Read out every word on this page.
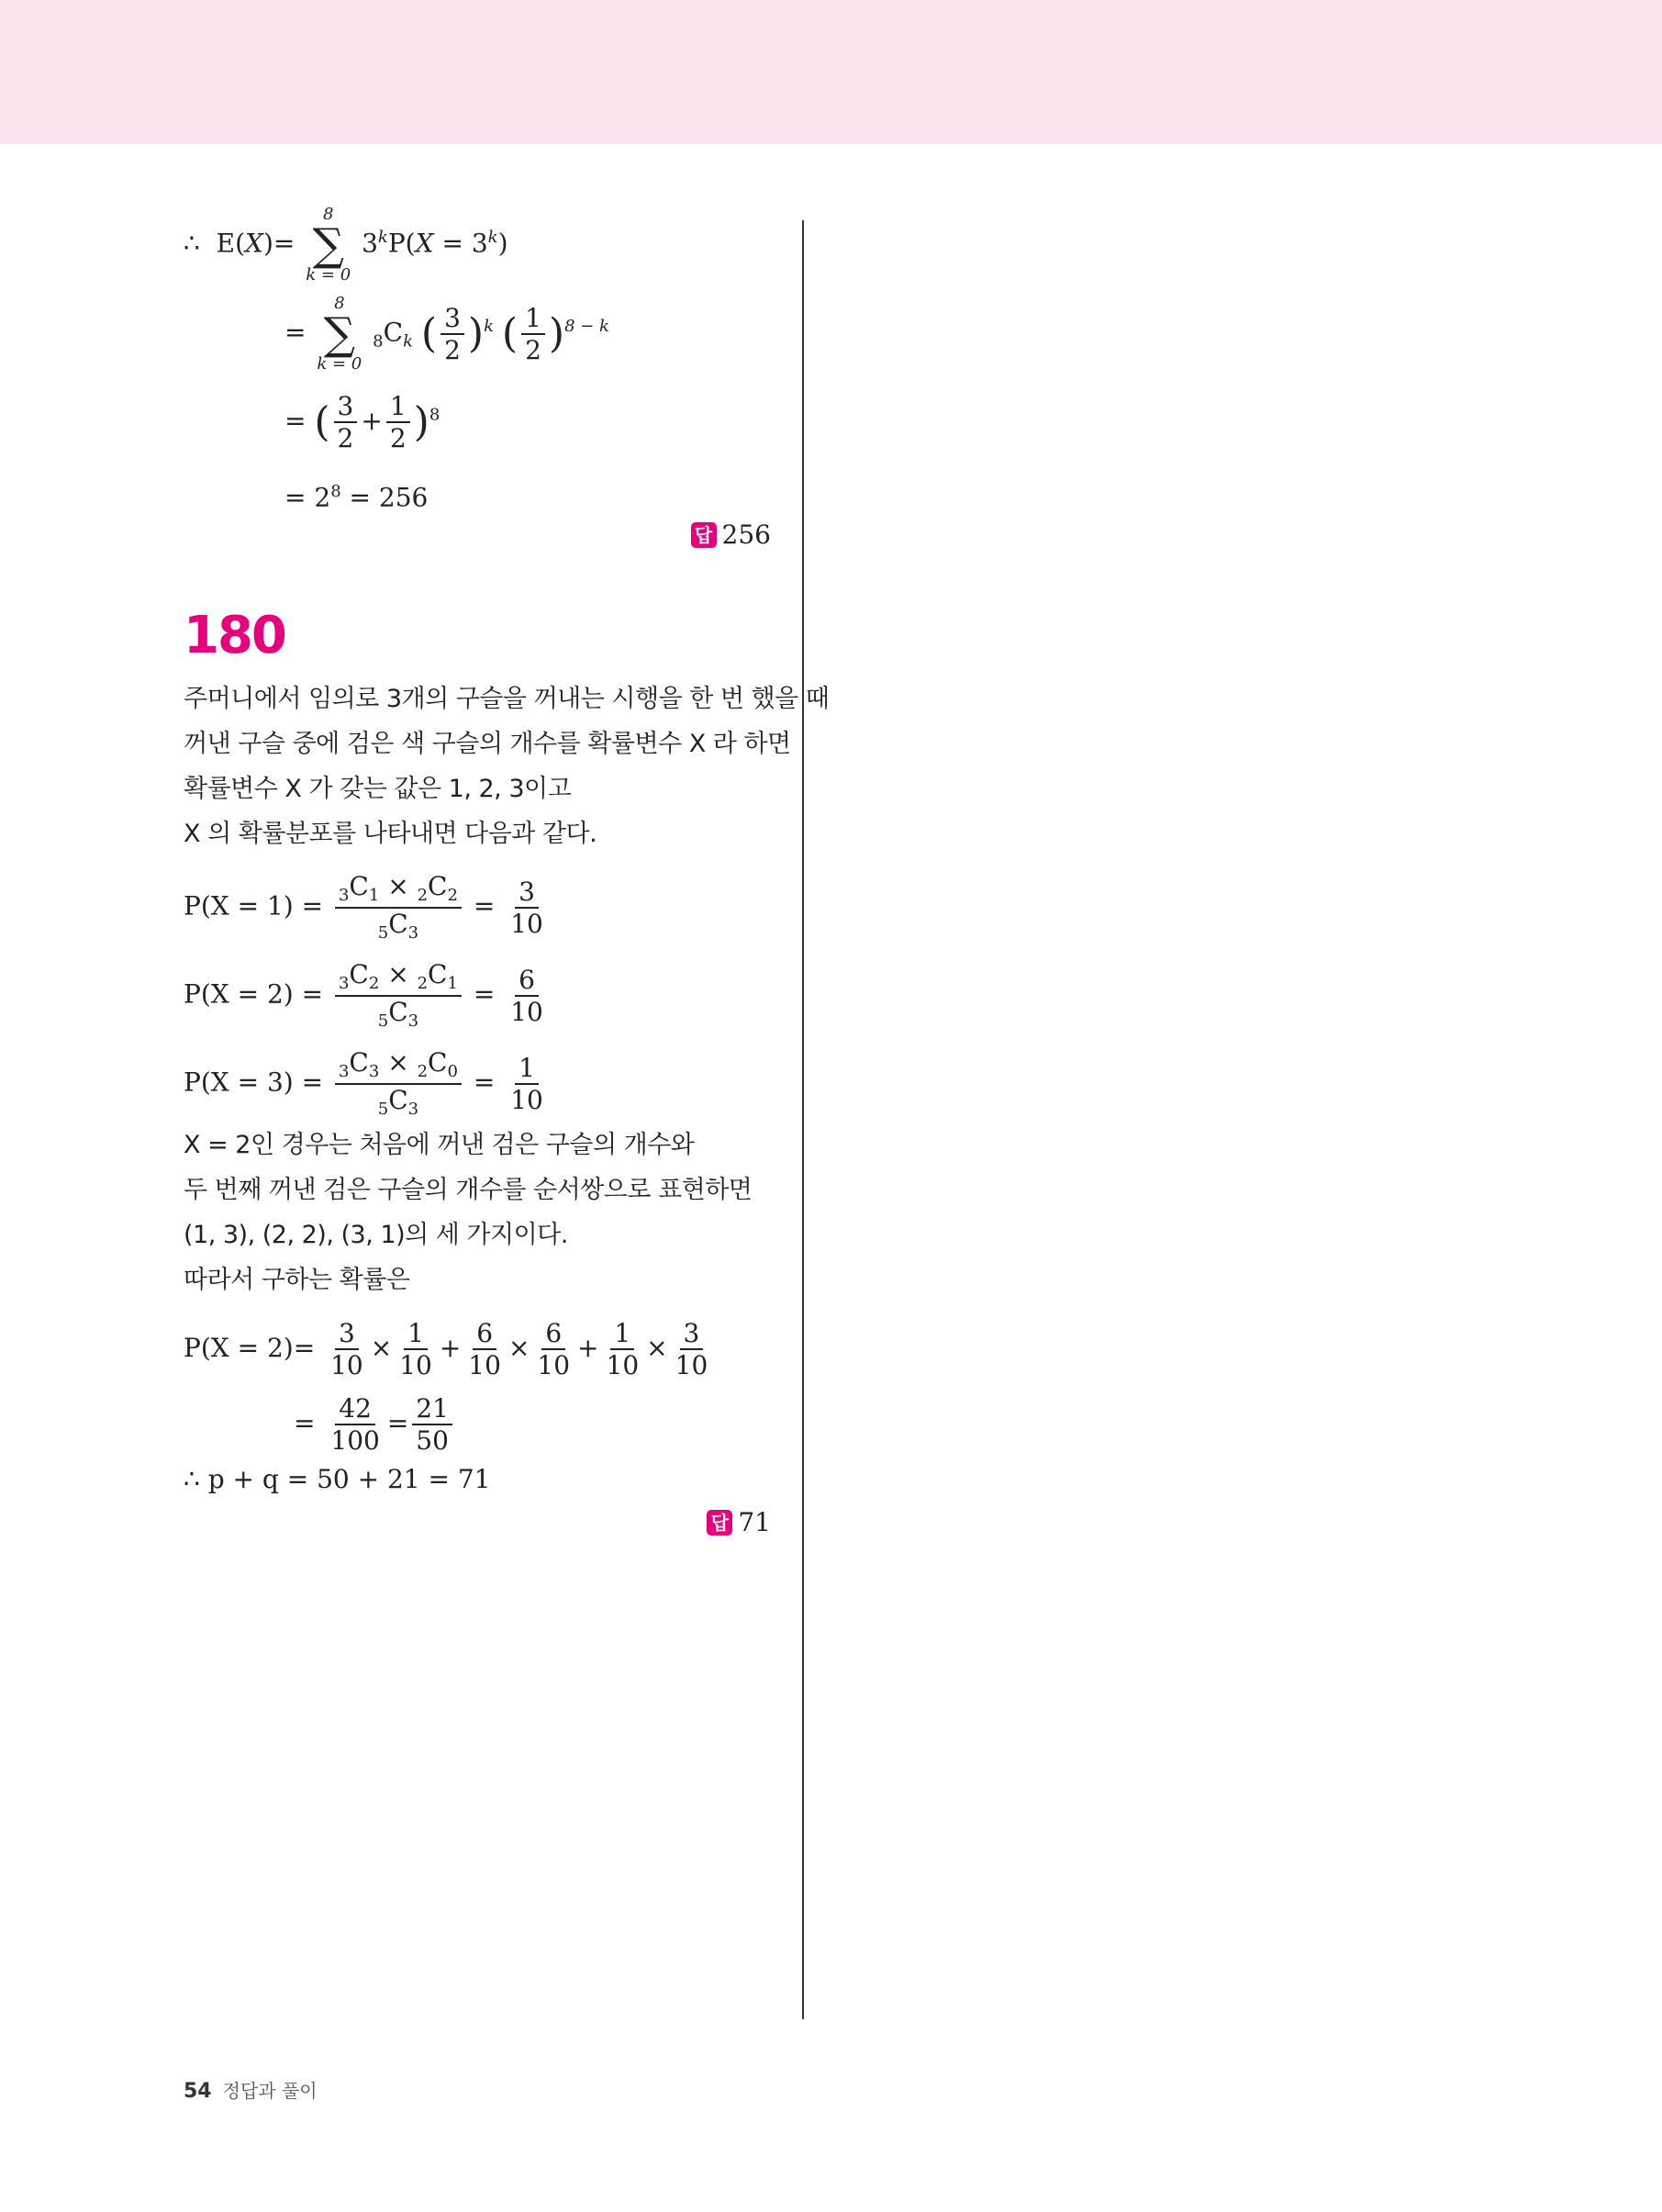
∴ E(X)=
8
∑
k = 0
$3^kP(X = 3^k)$
=
8
∑
k = 0
$_8C_k$ ( $\frac{3}{2} )^k$ ( $\frac{1}{2} )^{8 - k}$
= ( $\frac{3}{2} + \frac{1}{2} )^8$
= $2^8 = 256$
답 256
180
주머니에서 임의로 3개의 구슬을 꺼내는 시행을 한 번 했을 때
꺼낸 구슬 중에 검은 색 구슬의 개수를 확률변수 X 라 하면
확률변수 X 가 갖는 값은 1, 2, 3이고
X 의 확률분포를 나타내면 다음과 같다.
$P(X = 1) = \frac{_3C_1 \times _2C_2}{_5C_3} = \frac{3}{10}$
$P(X = 2) = \frac{_3C_2 \times _2C_1}{_5C_3} = \frac{6}{10}$
$P(X = 3) = \frac{_3C_3 \times _2C_0}{_5C_3} = \frac{1}{10}$
X = 2인 경우는 처음에 꺼낸 검은 구슬의 개수와
두 번째 꺼낸 검은 구슬의 개수를 순서쌍으로 표현하면
(1, 3), (2, 2), (3, 1)의 세 가지이다.
따라서 구하는 확률은
$P(X = 2)= \frac{3}{10} \times \frac{1}{10} + \frac{6}{10} \times \frac{6}{10} + \frac{1}{10} \times \frac{3}{10}$
= $\frac{42}{100} = \frac{21}{50}$
∴ p + q = 50 + 21 = 71
답 71
54 정답과 풀이
